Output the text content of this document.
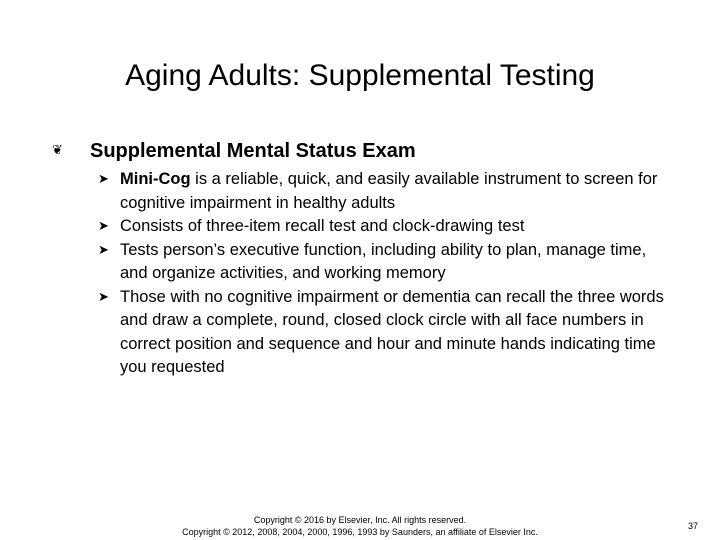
Aging Adults: Supplemental Testing
❦ Supplemental Mental Status Exam
➤ Mini-Cog is a reliable, quick, and easily available instrument to screen for cognitive impairment in healthy adults
➤ Consists of three-item recall test and clock-drawing test
➤ Tests person’s executive function, including ability to plan, manage time, and organize activities, and working memory
➤ Those with no cognitive impairment or dementia can recall the three words and draw a complete, round, closed clock circle with all face numbers in correct position and sequence and hour and minute hands indicating time you requested
Copyright © 2016 by Elsevier, Inc. All rights reserved.
Copyright © 2012, 2008, 2004, 2000, 1996, 1993 by Saunders, an affiliate of Elsevier Inc.
37
